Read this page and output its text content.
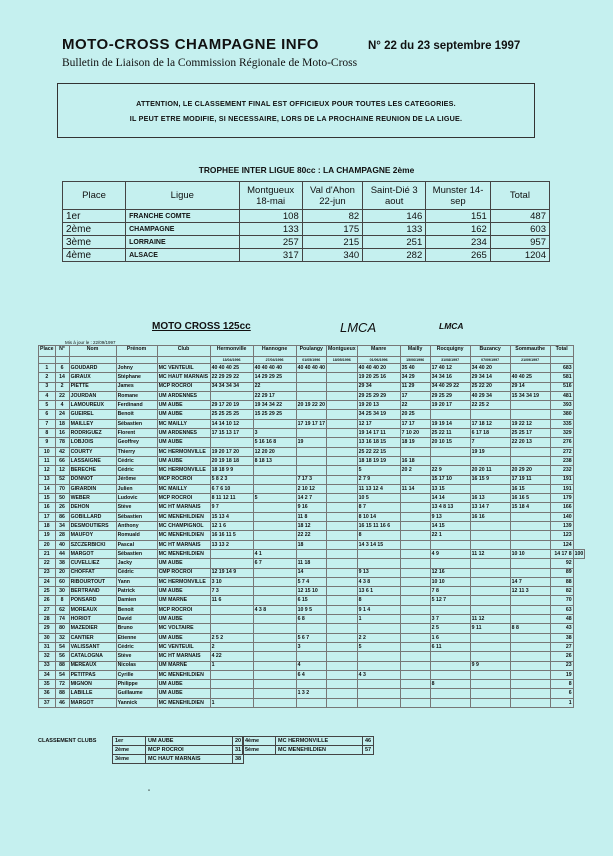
MOTO-CROSS CHAMPAGNE INFO	N° 22 du 23 septembre 1997
Bulletin de Liaison de la Commission Régionale de Moto-Cross
ATTENTION, LE CLASSEMENT FINAL EST OFFICIEUX POUR TOUTES LES CATEGORIES.
IL PEUT ETRE MODIFIE, SI NECESSAIRE, LORS DE LA PROCHAINE REUNION DE LA LIGUE.
TROPHEE INTER LIGUE 80cc : LA CHAMPAGNE 2ème
Place	Ligue	Montgueux 18-mai	Val d'Ahon 22-jun	Saint-Dié 3 aout	Munster 14-sep	Total
1er	FRANCHE COMTE	108	82	146	151	487
2ème	CHAMPAGNE	133	175	133	162	603
3ème	LORRAINE	257	215	251	234	957
4ème	ALSACE	317	340	282	265	1204
MOTO CROSS 125cc	LMCA	LMCA
Mis à jour le : 22/09/1997
Place	N°	Nom	Prénom	Club	Hermonville	Hannogne	Poulangy	Montgueux	Manre	Mailly	Rocquigny	Buzancy	Sommauthe	Total	
					13/04/1996	27/04/1996	01/05/1996	18/05/1996	01/06/1996	15/06/1996	31/08/1997	07/09/1997	21/09/1997		
1	6	GOUDARD	Johny	MC VENTEUIL	40 40 40 25	40 40 40 40	40 40 40 40		40 40 40 20	35 40	17 40 12	34 40 20		683	
2	14	GIRAUX	Stéphane	MC HAUT MARNAIS	22 29 29 22	14 29 29 25			19 20 25 16	34 29	34 34 16	29 34 14	40 40 25	581	
3	2	PIETTE	James	MCP ROCROI	34 34 34 34	22			29 34	11 29	34 40 29 22	25 22 20	29 14	516	
4	22	JOURDAN	Romane	UM ARDENNES		22 29 17			29 25 29 29	17	29 25 29	40 29 34	15 34 34 19	481	
5	4	LAMOUREUX	Ferdinand	UM AUBE	29 17 20 19	19 34 34 22	20 19 22 20		19 20 13	22	19 20 17	22 25 2		393	
6	24	GUEIREL	Benoit	UM AUBE	25 25 25 25	15 25 29 25			34 25 34 19	20 25				380	
7	18	MAILLEY	Sébastien	MC MAILLY	14 14 10 12		17 19 17 17		12 17	17 17	19 19 14	17 18 12	19 22 12	335	
8	16	RODRIGUEZ	Florent	UM ARDENNES	17 15 13 17	3			19 14 17 11	7 10 20	25 22 11	6 17 18	25 25 17	329	
9	78	LOBJOIS	Geoffrey	UM AUBE		5 16 16 8	19		13 16 18 15	18 19	20 10 15	7	22 20 13	276	
10	42	COURTY	Thierry	MC HERMONVILLE	19 20 17 20	12 20 20			25 22 22 15			19 19		272	
11	66	LASSAIGNE	Cédric	UM AUBE	20 19 18 18	8 18 13			18 18 19 19	16 18				238	
12	12	BERECHE	Cédric	MC HERMONVILLE	18 18 9 9				5	20 2	22 9	20 20 11	20 29 20	232	
13	52	DONNOT	Jérôme	MCP ROCROI	5 8 2 3		7 17 3		2 7 9		15 17 10	16 15 9	17 19 11	191	
14	70	GIRARDIN	Julien	MC MAILLY	6 7 6 10		2 10 12		11 13 12 4	11 14	13 15		16 15	191	
15	50	WEBER	Ludovic	MCP ROCROI	8 11 12 11	5	14 2 7		10 5		14 14	16 13	16 16 5	179	
16	26	DEHON	Stève	MC HT MARNAIS	9 7		9 16		8 7		13 4 8 13	13 14 7	15 18 4	166	
17	86	GOBILLARD	Sébastien	MC MENEHILDIEN	15 13 4		11 8		8 10 14		9 13	16 16		140	
18	34	DESMOUTIERS	Anthony	MC CHAMPIGNOL	12 1 6		18 12		16 15 11 16 6		14 15			139	
19	28	MAUFOY	Romuald	MC MENEHILDIEN	16 16 11 5		22 22		8		22 1			123	
20	40	SZCZERBICKI	Pascal	MC HT MARNAIS	13 13 2		18		14 3 14 15					124	
21	44	MARGOT	Sébastien	MC MENEHILDIEN		4 1					4 9	11 12	10 10	14 17 8	100
22	38	CUVELLIEZ	Jacky	UM AUBE		6 7	11 18							92	
23	20	CHOFFAT	Cédric	CMP ROCROI	12 19 14 9		14		9 13		12 16			89	
24	60	RIBOURTOUT	Yann	MC HERMONVILLE	3 10		5 7 4		4 3 8		10 10		14 7	88	
25	30	BERTRAND	Patrick	UM AUBE	7 3		12 15 10		13 6 1		7 8		12 11 3	82	
26	8	PONSARD	Damien	UM MARNE	11 6		6 15		8		5 12 7			70	
27	62	MOREAUX	Benoit	MCP ROCROI		4 3 8	10 9 5		9 1 4					63	
28	74	HORIOT	David	UM AUBE			6 8		1		3 7	11 12		48	
29	80	MAZEDIER	Bruno	MC VOLTAIRE							2 5	9 11	8 8	43	
30	32	CANTIER	Etienne	UM AUBE	2 5 2		5 6 7		2 2		1 6			38	
31	54	VALISSANT	Cédric	MC VENTEUIL	2		3		5		6 11			27	
32	56	CATALOGNA	Stève	MC HT MARNAIS	4 22									26	
33	88	MEREAUX	Nicolas	UM MARNE	1		4					9 9		23	
34	54	PETITPAS	Cyrille	MC MENEHILDIEN			6 4		4 3					19	
35	72	MIGNON	Philippe	UM AUBE							8			8	
36	88	LABILLE	Guillaume	UM AUBE			1 3 2							6	
37	46	MARGOT	Yannick	MC MENEHILDIEN	1									1	
CLASSEMENT CLUBS	1er	UM AUBE	20
2ème	MCP ROCROI	31
3ème	MC HAUT MARNAIS	38
4ème	MC HERMONVILLE	46
5ème	MC MENEHILDIEN	57
"
